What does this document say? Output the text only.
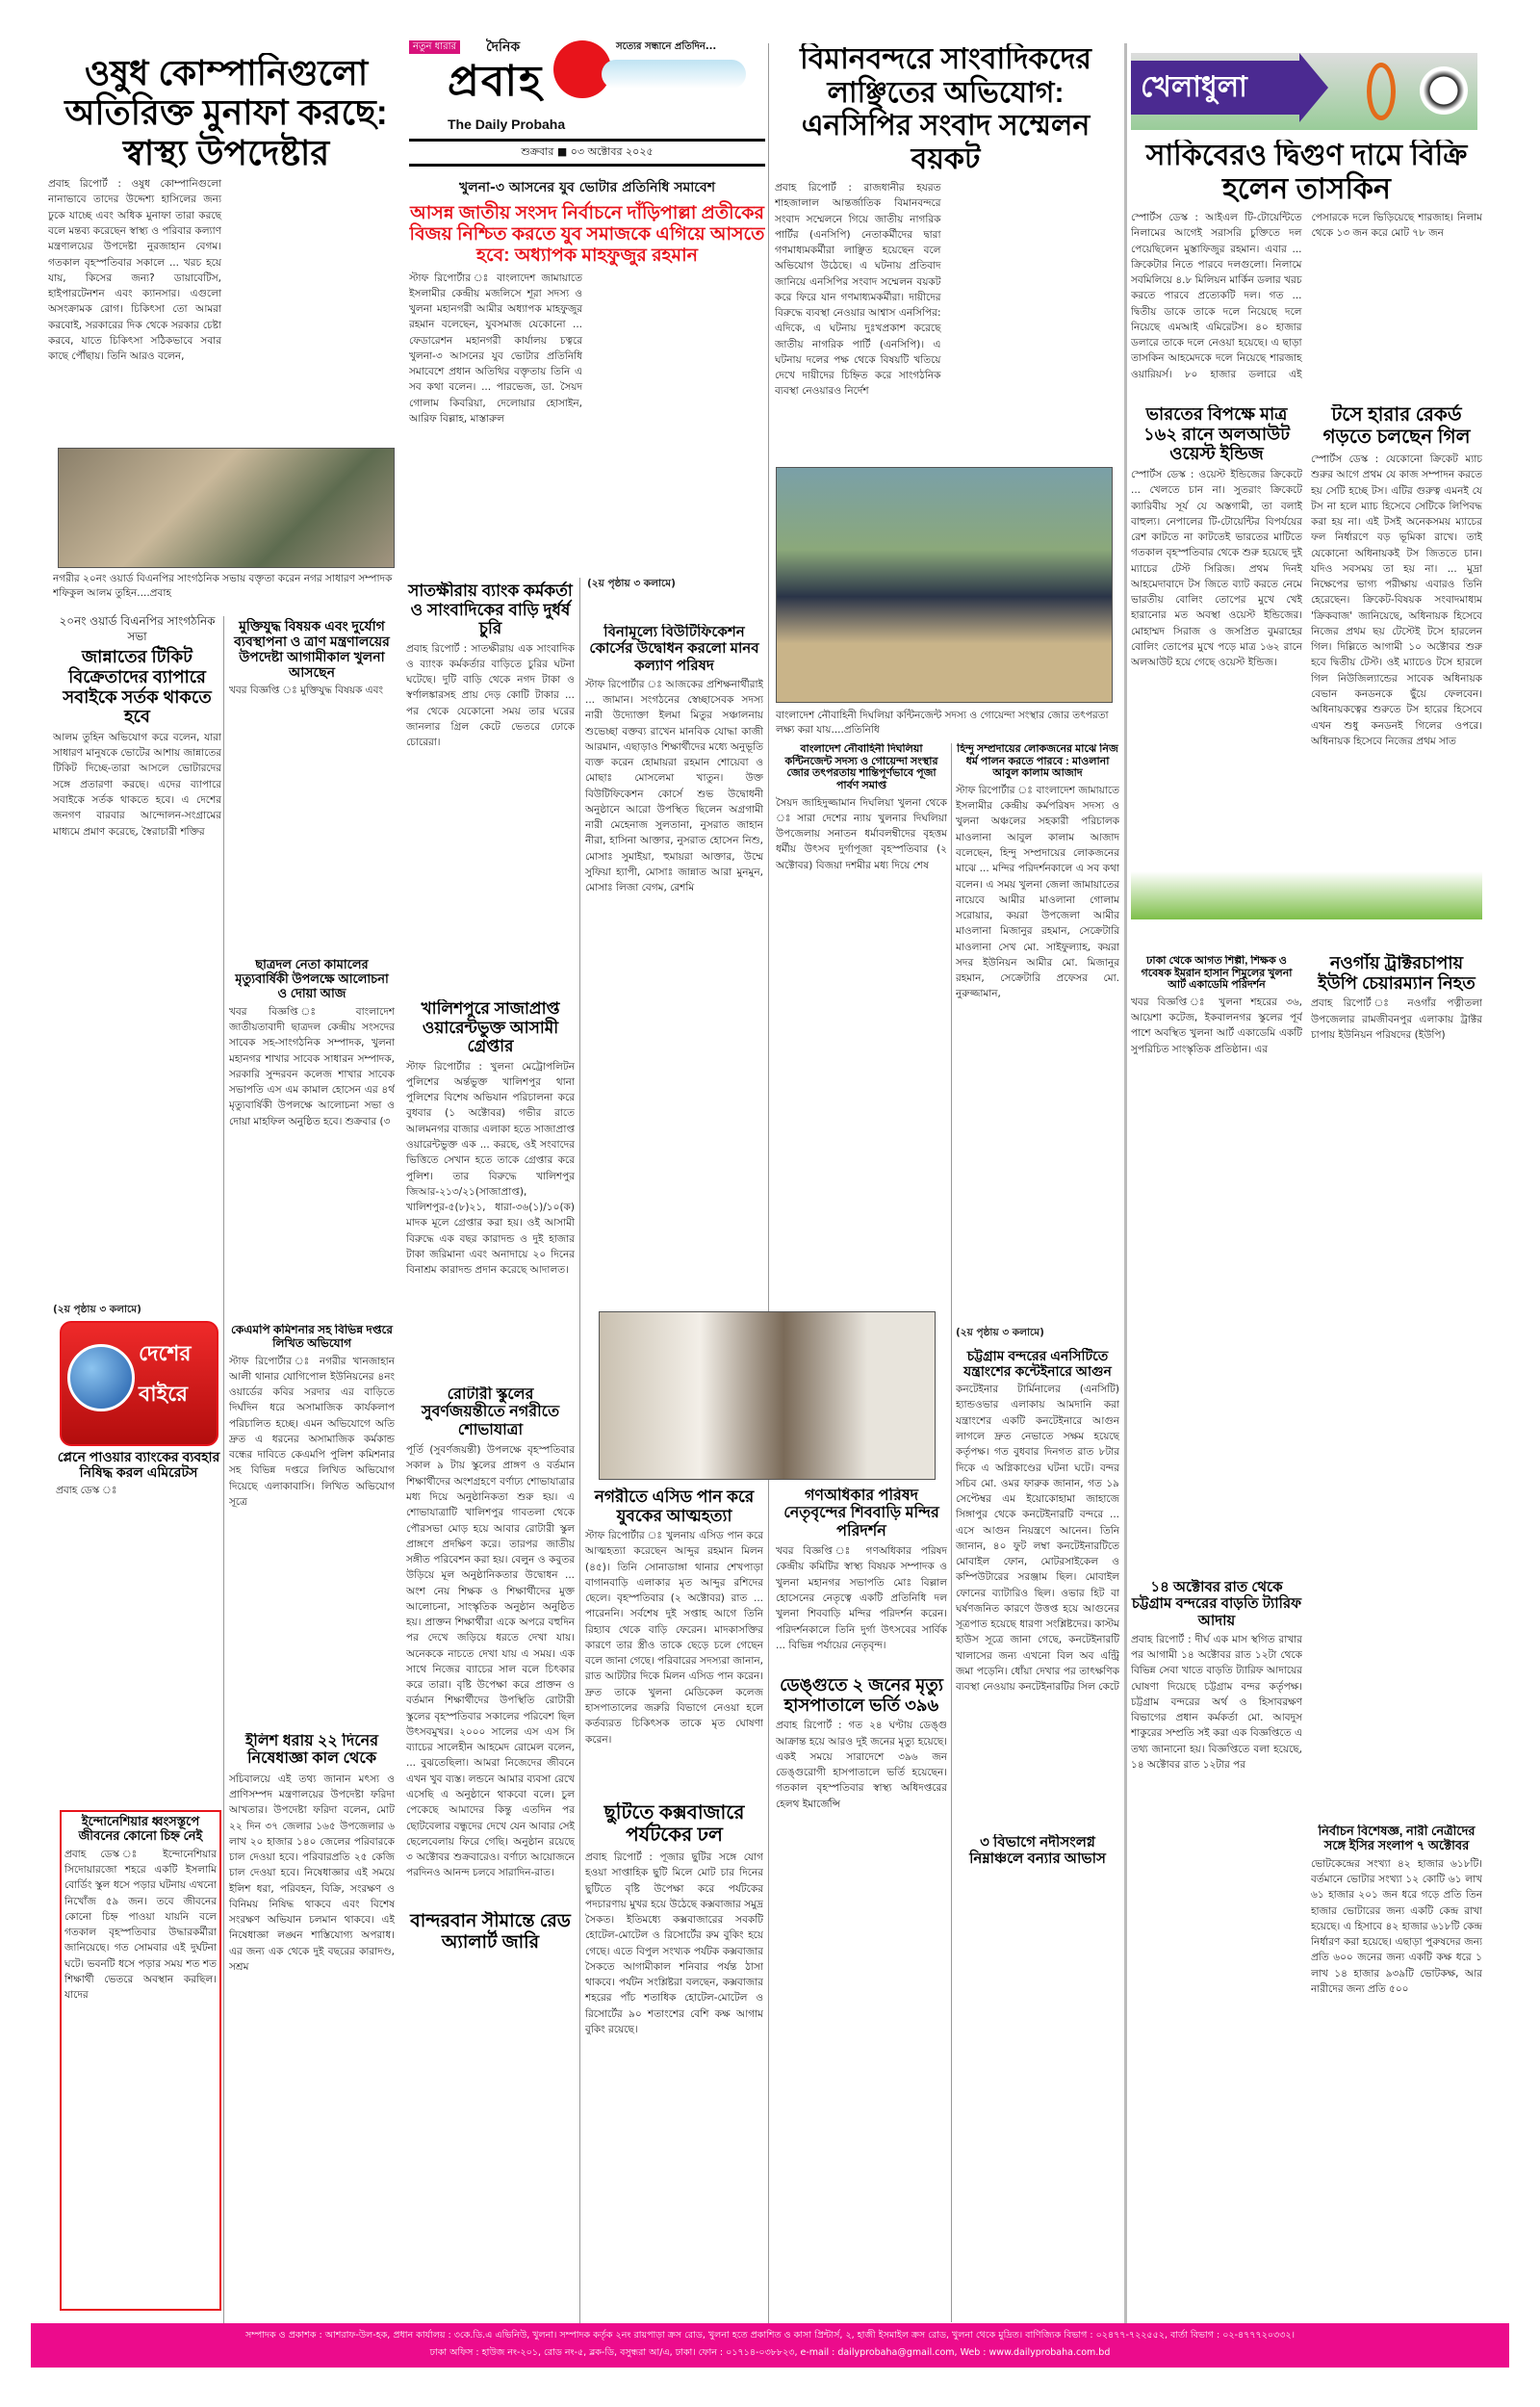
নতুন ধারার দৈনিক	সত্যের সন্ধানে প্রতিদিন...
প্রবাহ
The Daily Probaha
শুক্রবার ■ ০৩ অক্টোবর ২০২৫
ওষুধ কোম্পানিগুলো অতিরিক্ত মুনাফা করছে: স্বাস্থ্য উপদেষ্টার
প্রবাহ রিপোর্ট : ওষুধ কোম্পানিগুলো নানাভাবে তাদের উদ্দেশ্য হাসিলের জন্য ঢুকে যাচ্ছে এবং অধিক মুনাফা তারা করছে বলে মন্তব্য করেছেন স্বাস্থ্য ও পরিবার কল্যাণ মন্ত্রণালয়ের উপদেষ্টা নুরজাহান বেগম। গতকাল বৃহস্পতিবার সকালে ... খরচ হয়ে যায়, কিসের জন্য? ডায়াবেটিস, হাইপারটেনশন এবং ক্যানসার। এগুলো অসংক্রামক রোগ। চিকিৎসা তো আমরা করবোই, সরকারের দিক থেকে সরকার চেষ্টা করবে, যাতে চিকিৎসা সঠিকভাবে সবার কাছে পৌঁছায়। তিনি আরও বলেন,
নগরীর ২০নং ওয়ার্ড বিএনপির সাংগঠনিক সভায় বক্তৃতা করেন নগর সাধারণ সম্পাদক শফিকুল আলম তুহিন....প্রবাহ
২০নং ওয়ার্ড বিএনপির সাংগঠনিক সভা
জান্নাতের টিকিট বিক্রেতাদের ব্যাপারে সবাইকে সর্তক থাকতে হবে
আলম তুহিন অভিযোগ করে বলেন, যারা সাধারণ মানুষকে ভোটের আশায় জান্নাতের টিকিট দিচ্ছে-তারা আসলে ভোটারদের সঙ্গে প্রতারণা করছে। এদের ব্যাপারে সবাইকে সর্তক থাকতে হবে। এ দেশের জনগণ বারবার আন্দোলন-সংগ্রামের মাধ্যমে প্রমাণ করেছে, স্বৈরাচারী শক্তির
(২য় পৃষ্ঠায় ৩ কলামে)
মুক্তিযুদ্ধ বিষয়ক এবং দুর্যোগ ব্যবস্থাপনা ও ত্রাণ মন্ত্রণালয়ের উপদেষ্টা আগামীকাল খুলনা আসছেন
খবর বিজ্ঞপ্তি ঃ মুক্তিযুদ্ধ বিষয়ক এবং
ছাত্রদল নেতা কামালের মৃত্যুবার্ষিকী উপলক্ষে আলোচনা ও দোয়া আজ
খবর বিজ্ঞপ্তি ঃ বাংলাদেশ জাতীয়তাবাদী ছাত্রদল কেন্দ্রীয় সংসদের সাবেক সহ-সাংগঠনিক সম্পাদক, খুলনা মহানগর শাখার সাবেক সাধারন সম্পাদক, সরকারি সুন্দরবন কলেজ শাখার সাবেক সভাপতি এস এম কামাল হোসেন এর ৪র্থ মৃত্যুবার্ষিকী উপলক্ষে আলোচনা সভা ও দোয়া মাহফিল অনুষ্ঠিত হবে। শুক্রবার (৩
দেশের
বাইরে
প্লেনে পাওয়ার ব্যাংকের ব্যবহার নিষিদ্ধ করল এমিরেটস
প্রবাহ ডেস্ক ঃ
ইন্দোনেশিয়ার ধ্বংসস্তূপে জীবনের কোনো চিহ্ন নেই
প্রবাহ ডেস্ক ঃ ইন্দোনেশিয়ার সিদোয়ারজো শহরে একটি ইসলামি বোর্ডিং স্কুল ধসে পড়ার ঘটনায় এখনো নিখোঁজ ৫৯ জন। তবে জীবনের কোনো চিহ্ন পাওয়া যায়নি বলে গতকাল বৃহস্পতিবার উদ্ধারকর্মীরা জানিয়েছে। গত সোমবার এই দুর্ঘটনা ঘটে। ভবনটি ধসে পড়ার সময় শত শত শিক্ষার্থী ভেতরে অবস্থান করছিল। যাদের
কেএমপি কমিশনার সহ বিভিন্ন দপ্তরে লিখিত অভিযোগ
স্টাফ রিপোর্টার ঃ নগরীর খানজাহান আলী থানার যোগিপোল ইউনিয়নের ৪নং ওয়ার্ডের কবির সরদার এর বাড়িতে দির্ঘদিন ধরে অসামাজিক কার্যকলাপ পরিচালিত হচ্ছে। এমন অভিযোগে অতি দ্রুত এ ধরনের অসামাজিক কর্মকান্ড বন্ধের দাবিতে কেএমপি পুলিশ কমিশনার সহ বিভিন্ন দপ্তরে লিখিত অভিযোগ দিয়েছে এলাকাবাসি। লিখিত অভিযোগ সূত্রে
ইলিশ ধরায় ২২ দিনের নিষেধাজ্ঞা কাল থেকে
সচিবালয়ে এই তথ্য জানান মৎস্য ও প্রাণিসম্পদ মন্ত্রণালয়ের উপদেষ্টা ফরিদা আখতার। উপদেষ্টা ফরিদা বলেন, মোট ২২ দিন ৩৭ জেলার ১৬৫ উপজেলার ৬ লাখ ২০ হাজার ১৪০ জেলের পরিবারকে চাল দেওয়া হবে। পরিবারপ্রতি ২৫ কেজি চাল দেওয়া হবে। নিষেধাজ্ঞার এই সময়ে ইলিশ ধরা, পরিবহন, বিক্রি, সংরক্ষণ ও বিনিময় নিষিদ্ধ থাকবে এবং বিশেষ সংরক্ষণ অভিযান চলমান থাকবে। এই নিষেধাজ্ঞা লঙ্ঘন শাস্তিযোগ্য অপরাধ। এর জন্য এক থেকে দুই বছরের কারাদণ্ড, সশ্রম
খুলনা-৩ আসনের যুব ভোটার প্রতিনিধি সমাবেশ
আসন্ন জাতীয় সংসদ নির্বাচনে দাঁড়িপাল্লা প্রতীকের বিজয় নিশ্চিত করতে যুব সমাজকে এগিয়ে আসতে হবে: অধ্যাপক মাহফুজুর রহমান
স্টাফ রিপোর্টার ঃ বাংলাদেশ জামায়াতে ইসলামীর কেন্দ্রীয় মজলিসে শূরা সদস্য ও খুলনা মহানগরী আমীর অধ্যাপক মাহফুজুর রহমান বলেছেন, যুবসমাজ যেকোনো ... ফেডারেশন মহানগরী কার্যালয় চত্বরে খুলনা-৩ আসনের যুব ভোটার প্রতিনিধি সমাবেশে প্রধান অতিথির বক্তৃতায় তিনি এ সব কথা বলেন। ... পারভেজ, ডা. সৈয়দ গোলাম কিবরিয়া, দেলোয়ার হোসাইন, আরিফ বিল্লাহ, মাস্তারুল
(২য় পৃষ্ঠায় ৩ কলামে)
সাতক্ষীরায় ব্যাংক কর্মকর্তা ও সাংবাদিকের বাড়ি দুর্ধর্ষ চুরি
প্রবাহ রিপোর্ট : সাতক্ষীরায় এক সাংবাদিক ও ব্যাংক কর্মকর্তার বাড়িতে চুরির ঘটনা ঘটেছে। দুটি বাড়ি থেকে নগদ টাকা ও স্বর্ণালঙ্কারসহ প্রায় দেড় কোটি টাকার ... পর থেকে যেকোনো সময় তার ঘরের জানলার গ্রিল কেটে ভেতরে ঢোকে চোরেরা।
খালিশপুরে সাজাপ্রাপ্ত ওয়ারেন্টভুক্ত আসামী গ্রেপ্তার
স্টাফ রিপোর্টার : খুলনা মেট্রোপলিটন পুলিশের অর্ন্তভুক্ত খালিশপুর থানা পুলিশের বিশেষ অভিযান পরিচালনা করে বুধবার (১ অক্টোবর) গভীর রাতে আলমনগর বাজার এলাকা হতে সাজাপ্রাপ্ত ওয়ারেন্টভুক্ত এক ... করছে, ওই সংবাদের ভিত্তিতে সেখান হতে তাকে গ্রেপ্তার করে পুলিশ। তার বিরুদ্ধে খালিশপুর জিআর-২১৩/২১(সাজাপ্রাপ্ত), খালিশপুর-৫(৮)২১, ধারা-৩৬(১)/১০(ক) মাদক মূলে গ্রেপ্তার করা হয়। ওই আসামী বিরুদ্ধে এক বছর কারাদন্ড ও দুই হাজার টাকা জরিমানা এবং অনাদায়ে ২০ দিনের বিনাশ্রম কারাদন্ড প্রদান করেছে আদালত।
বিনামূল্যে বিউটিফিকেশন কোর্সের উদ্বোধন করলো মানব কল্যাণ পরিষদ
স্টাফ রিপোর্টার ঃ আজকের প্রশিক্ষনার্থীরাই ... জামান। সংগঠনের স্বেচ্ছাসেবক সদস্য নারী উদ্যোক্তা ইলমা মিতুর সঞ্চালনায় শুভেচ্ছা বক্তব্য রাখেন মানবিক যোদ্ধা কাজী আরমান, এছাড়াও শিক্ষার্থীদের মধ্যে অনুভূতি ব্যক্ত করেন হোমায়রা রহমান শোয়েবা ও মোছাঃ মোসলেমা খাতুন। উক্ত বিউটিফিকেশন কোর্সে শুভ উদ্বোধনী অনুষ্ঠানে আরো উপস্থিত ছিলেন অগ্রগামী নারী মেহেনাজ সুলতানা, নুসরাত জাহান নীরা, হাসিনা আক্তার, নুসরাত হোসেন নিশু, মোসাঃ সুমাইয়া, হুমায়রা আক্তার, উম্মে সুফিয়া হ্যাপী, মোসাঃ জান্নাত আরা মুনমুন, মোসাঃ লিজা বেগম, রেশমি
রোটারী স্কুলের সুবর্ণজয়ন্তীতে নগরীতে শোভাযাত্রা
পূর্তি (সুবর্ণজয়ন্তী) উপলক্ষে বৃহস্পতিবার সকাল ৯ টায় স্কুলের প্রাঙ্গণ ও বর্তমান শিক্ষার্থীদের অংশগ্রহণে বর্ণাঢ্য শোভাযাত্রার মধ্য দিয়ে অনুষ্ঠানিকতা শুরু হয়। এ শোভাযাত্রাটি খালিশপুর গাবতলা থেকে পৌরসভা মোড় হয়ে আবার রোটারী স্কুল প্রাঙ্গণে প্রদক্ষিণ করে। তারপর জাতীয় সঙ্গীত পরিবেশন করা হয়। বেলুন ও কবুতর উড়িয়ে মূল অনুষ্ঠানিকতার উদ্বোধন ... অংশ নেয় শিক্ষক ও শিক্ষার্থীদের মুক্ত আলোচনা, সাংস্কৃতিক অনুষ্ঠান অনুষ্ঠিত হয়। প্রাক্তন শিক্ষার্থীরা একে অপরে বহুদিন পর দেখে জড়িয়ে ধরতে দেখা যায়। অনেককে নাচতে দেখা যায় এ সময়। এক সাথে নিজের ব্যাচের সাল বলে চিৎকার করে তারা। বৃষ্টি উপেক্ষা করে প্রাক্তন ও বর্তমান শিক্ষার্থীদের উপস্থিতি রোটারী স্কুলের বৃহস্পতিবার সকালের পরিবেশ ছিল উৎসবমুখর। ২০০০ সালের এস এস সি ব্যাচের সালেহীন আহমেদ রোমেল বলেন, ... বুঝতেছিলা। আমরা নিজেদের জীবনে এখন খুব ব্যস্ত। লন্ডনে আমার ব্যবসা রেখে এসেছি এ অনুষ্ঠানে থাকবো বলে। চুল পেকেছে আমাদের কিন্তু এতদিন পর ছোটবেলার বন্ধুদের দেখে যেন আবার সেই ছেলেবেলায় ফিরে গেছি। অনুষ্ঠান রয়েছে ৩ অক্টোবর শুক্রবারেও। বর্ণাঢ্য আয়োজনে পরদিনও আনন্দ চলবে সারাদিন-রাত।
বান্দরবান সীমান্তে রেড অ্যালার্ট জারি
নগরীতে এসিড পান করে যুবকের আত্মহত্যা
স্টাফ রিপোর্টার ঃ খুলনায় এসিড পান করে আত্মহত্যা করেছেন আব্দুর রহমান মিলন (৪৫)। তিনি সোনাডাঙ্গা থানার শেখপাড়া বাগানবাড়ি এলাকার মৃত আব্দুর রশিদের ছেলে। বৃহস্পতিবার (২ অক্টোবর) রাত ... পারেননি। সর্বশেষ দুই সপ্তাহ আগে তিনি রিহ্যাব থেকে বাড়ি ফেরেন। মাদকাসক্তির কারণে তার স্ত্রীও তাকে ছেড়ে চলে গেছেন বলে জানা গেছে। পরিবারের সদস্যরা জানান, রাত আটটার দিকে মিলন এসিড পান করেন। দ্রুত তাকে খুলনা মেডিকেল কলেজ হাসপাতালের জরুরি বিভাগে নেওয়া হলে কর্তব্যরত চিকিৎসক তাকে মৃত ঘোষণা করেন।
ছুটিতে কক্সবাজারে পর্যটকের ঢল
প্রবাহ রিপোর্ট : পূজার ছুটির সঙ্গে যোগ হওয়া সাপ্তাহিক ছুটি মিলে মোট চার দিনের ছুটিতে বৃষ্টি উপেক্ষা করে পর্যটকের পদচারণায় মুখর হয়ে উঠেছে কক্সবাজার সমুদ্র সৈকত। ইতিমধ্যে কক্সবাজারের সবকটি হোটেল-মোটেল ও রিসোর্টের রুম বুকিং হয়ে গেছে। এতে বিপুল সংখ্যক পর্যটক কক্সবাজার সৈকতে আগামীকাল শনিবার পর্যন্ত ঠাসা থাকবে। পর্যটন সংশ্লিষ্টরা বলছেন, কক্সবাজার শহরের পাঁচ শতাধিক হোটেল-মোটেল ও রিসোর্টের ৯০ শতাংশের বেশি কক্ষ আগাম বুকিং রয়েছে।
বিমানবন্দরে সাংবাদিকদের লাঞ্ছিতের অভিযোগ: এনসিপির সংবাদ সম্মেলন বয়কট
প্রবাহ রিপোর্ট : রাজধানীর হযরত শাহজালাল আন্তর্জাতিক বিমানবন্দরে সংবাদ সম্মেলনে গিয়ে জাতীয় নাগরিক পার্টির (এনসিপি) নেতাকর্মীদের দ্বারা গণমাধ্যমকর্মীরা লাঞ্ছিত হয়েছেন বলে অভিযোগ উঠেছে। এ ঘটনায় প্রতিবাদ জানিয়ে এনসিপির সংবাদ সম্মেলন বয়কট করে ফিরে যান গণমাধ্যমকর্মীরা। দায়ীদের বিরুদ্ধে ব্যবস্থা নেওয়ার আশ্বাস এনসিপির: এদিকে, এ ঘটনায় দুঃখপ্রকাশ করেছে জাতীয় নাগরিক পার্টি (এনসিপি)। এ ঘটনায় দলের পক্ষ থেকে বিষয়টি খতিয়ে দেখে দায়ীদের চিহ্নিত করে সাংগঠনিক ব্যবস্থা নেওয়ারও নির্দেশ
বাংলাদেশ নৌবাহিনী দিঘলিয়া কন্টিনজেন্ট সদস্য ও গোয়েন্দা সংস্থার জোর তৎপরতা লক্ষ্য করা যায়....প্রতিনিধি
বাংলাদেশ নৌবাহিনী দিঘলিয়া কন্টিনজেন্ট সদস্য ও গোয়েন্দা সংস্থার জোর তৎপরতায় শান্তিপূর্ণভাবে পূজা পার্বণ সমাপ্ত
সৈয়দ জাহিদুজ্জামান দিঘলিয়া খুলনা থেকে ঃ সারা দেশের ন্যায় খুলনার দিঘলিয়া উপজেলায় সনাতন ধর্মাবলম্বীদের বৃহত্তম ধর্মীয় উৎসব দুর্গাপূজা বৃহস্পতিবার (২ অক্টোবর) বিজয়া দশমীর মধ্য দিয়ে শেষ
হিন্দু সম্প্রদায়ের লোকজনের মাঝে নিজ ধর্ম পালন করতে পারবে : মাওলানা আবুল কালাম আজাদ
স্টাফ রিপোর্টার ঃ বাংলাদেশ জামায়াতে ইসলামীর কেন্দ্রীয় কর্মপরিষদ সদস্য ও খুলনা অঞ্চলের সহকারী পরিচালক মাওলানা আবুল কালাম আজাদ বলেছেন, হিন্দু সম্প্রদায়ের লোকজনের মাঝে ... মন্দির পরিদর্শনকালে এ সব কথা বলেন। এ সময় খুলনা জেলা জামায়াতের নায়েবে আমীর মাওলানা গোলাম সরোয়ার, কয়রা উপজেলা আমীর মাওলানা মিজানুর রহমান, সেক্রেটারি মাওলানা সেখ মো. সাইফুল্যাহ, কয়রা সদর ইউনিয়ন আমীর মো. মিজানুর রহমান, সেক্রেটারি প্রফেসর মো. নুরুজ্জামান,
(২য় পৃষ্ঠায় ৩ কলামে)
গণঅধিকার পরিষদ নেতৃবৃন্দের শিববাড়ি মন্দির পরিদর্শন
খবর বিজ্ঞপ্তি ঃ গণঅধিকার পরিষদ কেন্দ্রীয় কমিটির স্বাস্থ্য বিষয়ক সম্পাদক ও খুলনা মহানগর সভাপতি মোঃ বিল্লাল হোসেনের নেতৃত্বে একটি প্রতিনিধি দল খুলনা শিববাড়ি মন্দির পরিদর্শন করেন। পরিদর্শনকালে তিনি দুর্গা উৎসবের সার্বিক ... বিভিন্ন পর্যায়ের নেতৃবৃন্দ।
ডেঙ্গুতে ২ জনের মৃত্যু হাসপাতালে ভর্তি ৩৯৬
প্রবাহ রিপোর্ট : গত ২৪ ঘণ্টায় ডেঙ্গু আক্রান্ত হয়ে আরও দুই জনের মৃত্যু হয়েছে। একই সময়ে সারাদেশে ৩৯৬ জন ডেঙ্গুরোগী হাসপাতালে ভর্তি হয়েছেন। গতকাল বৃহস্পতিবার স্বাস্থ্য অধিদপ্তরের হেলথ ইমার্জেন্সি
চট্টগ্রাম বন্দরের এনসিটিতে যন্ত্রাংশের কন্টেইনারে আগুন
কনটেইনার টার্মিনালের (এনসিটি) হ্যান্ডওভার এলাকায় আমদানি করা যন্ত্রাংশের একটি কনটেইনারে আগুন লাগলে দ্রুত নেভাতে সক্ষম হয়েছে কর্তৃপক্ষ। গত বুধবার দিনগত রাত ৮টার দিকে এ অগ্নিকাণ্ডের ঘটনা ঘটে। বন্দর সচিব মো. ওমর ফারুক জানান, গত ১৯ সেপ্টেম্বর এম ইয়োকোহামা জাহাজে সিঙ্গাপুর থেকে কনটেইনারটি বন্দরে ... এসে আগুন নিয়ন্ত্রণে আনেন। তিনি জানান, ৪০ ফুট লম্বা কনটেইনারটিতে মোবাইল ফোন, মোটরসাইকেল ও কম্পিউটারের সরঞ্জাম ছিল। মোবাইল ফোনের ব্যাটারিও ছিল। ওভার হিট বা ঘর্ষণজনিত কারণে উত্তপ্ত হয়ে আগুনের সূত্রপাত হয়েছে ধারণা সংশ্লিষ্টদের। কাস্টম হাউস সূত্রে জানা গেছে, কনটেইনারটি খালাসের জন্য এখনো বিল অব এন্ট্রি জমা পড়েনি। ধোঁয়া দেখার পর তাৎক্ষণিক ব্যবস্থা নেওয়ায় কনটেইনারটির সিল কেটে
৩ বিভাগে নদীসংলগ্ন নিম্নাঞ্চলে বন্যার আভাস
খেলাধুলা
সাকিবেরও দ্বিগুণ দামে বিক্রি হলেন তাসকিন
স্পোর্টস ডেস্ক : আইএল টি-টোয়েন্টিতে নিলামের আগেই সরাসরি চুক্তিতে দল পেয়েছিলেন মুস্তাফিজুর রহমান। এবার ... ক্রিকেটার নিতে পারবে দলগুলো। নিলামে সবমিলিয়ে ৪.৮ মিলিয়ন মার্কিন ডলার খরচ করতে পারবে প্রত্যেকটি দল। গত ... দ্বিতীয় ডাকে তাকে দলে নিয়েছে দলে নিয়েছে এমআই এমিরেটস। ৪০ হাজার ডলারে তাকে দলে নেওয়া হয়েছে। এ ছাড়া তাসকিন আহমেদকে দলে নিয়েছে শারজাহ ওয়ারিয়র্স। ৮০ হাজার ডলারে এই পেসারকে দলে ভিড়িয়েছে শারজাহ। নিলাম থেকে ১৩ জন করে মোট ৭৮ জন
ভারতের বিপক্ষে মাত্র ১৬২ রানে অলআউট ওয়েস্ট ইন্ডিজ
স্পোর্টস ডেস্ক : ওয়েস্ট ইন্ডিজের ক্রিকেটে ... খেলতে চান না। সুতরাং ক্রিকেটে ক্যারিবীয় সূর্য যে অস্তগামী, তা বলাই বাহুল্য। নেপালের টি-টোয়েন্টির বিপর্যয়ের রেশ কাটতে না কাটতেই ভারতের মাটিতে গতকাল বৃহস্পতিবার থেকে শুরু হয়েছে দুই ম্যাচের টেস্ট সিরিজ। প্রথম দিনই আহমেদাবাদে টস জিতে ব্যাট করতে নেমে ভারতীয় বোলিং তোপের মুখে খেই হারানোর মত অবস্থা ওয়েস্ট ইন্ডিজের। মোহাম্মদ সিরাজ ও জসপ্রিত বুমরাহের বোলিং তোপের মুখে পড়ে মাত্র ১৬২ রানে অলআউট হয়ে গেছে ওয়েস্ট ইন্ডিজ।
টসে হারার রেকর্ড গড়তে চলছেন গিল
স্পোর্টস ডেস্ক : যেকোনো ক্রিকেট ম্যাচ শুরুর আগে প্রথম যে কাজ সম্পাদন করতে হয় সেটি হচ্ছে টস। এটির গুরুত্ব এমনই যে টস না হলে ম্যাচ হিসেবে সেটিকে লিপিবদ্ধ করা হয় না। এই টসই অনেকসময় ম্যাচের ফল নির্ধারণে বড় ভূমিকা রাখে। তাই যেকোনো অধিনায়কই টস জিততে চান। যদিও সবসময় তা হয় না। ... মুদ্রা নিক্ষেপের ভাগ্য পরীক্ষায় এবারও তিনি হেরেছেন। ক্রিকেট-বিষয়ক সংবাদমাধ্যম 'ক্রিকবাজ' জানিয়েছে, অধিনায়ক হিসেবে নিজের প্রথম ছয় টেস্টেই টসে হারলেন গিল। দিল্লিতে আগামী ১০ অক্টোবর শুরু হবে দ্বিতীয় টেস্ট। ওই ম্যাচেও টসে হারলে গিল নিউজিল্যান্ডের সাবেক অধিনায়ক বেভান কনডনকে ছুঁয়ে ফেলবেন। অধিনায়কত্বের শুরুতে টস হারের হিসেবে এখন শুধু কনডনই গিলের ওপরে। অধিনায়ক হিসেবে নিজের প্রথম সাত
ঢাকা থেকে আগত শিল্পী, শিক্ষক ও গবেষক ইমরান হাসান শিমুলের খুলনা আর্ট একাডেমি পরিদর্শন
খবর বিজ্ঞপ্তি ঃ খুলনা শহরের ৩৬, আয়েশা কটেজ, ইকবালনগর স্কুলের পূর্ব পাশে অবস্থিত খুলনা আর্ট একাডেমি একটি সুপরিচিত সাংস্কৃতিক প্রতিষ্ঠান। এর
নওগাঁয় ট্রাক্টরচাপায় ইউপি চেয়ারম্যান নিহত
প্রবাহ রিপোর্ট ঃ নওগাঁর পত্নীতলা উপজেলার রামজীবনপুর এলাকায় ট্রাক্টর চাপায় ইউনিয়ন পরিষদের (ইউপি)
১৪ অক্টোবর রাত থেকে চট্টগ্রাম বন্দরের বাড়তি ট্যারিফ আদায়
প্রবাহ রিপোর্ট : দীর্ঘ এক মাস স্থগিত রাখার পর আগামী ১৪ অক্টোবর রাত ১২টা থেকে বিভিন্ন সেবা খাতে বাড়তি ট্যারিফ আদায়ের ঘোষণা দিয়েছে চট্টগ্রাম বন্দর কর্তৃপক্ষ। চট্টগ্রাম বন্দরের অর্থ ও হিসাবরক্ষণ বিভাগের প্রধান কর্মকর্তা মো. আবদুস শাকুরের সম্প্রতি সই করা এক বিজ্ঞপ্তিতে এ তথ্য জানানো হয়। বিজ্ঞপ্তিতে বলা হয়েছে, ১৪ অক্টোবর রাত ১২টার পর
নির্বাচন বিশেষজ্ঞ, নারী নেত্রীদের সঙ্গে ইসির সংলাপ ৭ অক্টোবর
ভোটকেন্দ্রের সংখ্যা ৪২ হাজার ৬১৮টি। বর্তমানে ভোটার সংখ্যা ১২ কোটি ৬১ লাখ ৬১ হাজার ২০১ জন ধরে গড়ে প্রতি তিন হাজার ভোটারের জন্য একটি কেন্দ্র রাখা হয়েছে। এ হিসাবে ৪২ হাজার ৬১৮টি কেন্দ্র নির্ধারণ করা হয়েছে। এছাড়া পুরুষদের জন্য প্রতি ৬০০ জনের জন্য একটি কক্ষ ধরে ১ লাখ ১৪ হাজার ৯৩৯টি ভোটকক্ষ, আর নারীদের জন্য প্রতি ৫০০
সম্পাদক ও প্রকাশক : আশরাফ-উল-হক, প্রধান কার্যালয় : ৩কে.ডি.এ এভিনিউ, খুলনা। সম্পাদক কর্তৃক ২নং রায়পাড়া ক্রস রোড, খুলনা হতে প্রকাশিত ও কাসা প্রিন্টার্স, ২, হাজী ইসমাইল ক্রস রোড, খুলনা থেকে মুদ্রিত। বাণিজ্যিক বিভাগ : ০২৪৭৭-৭২২৫৫২, বার্তা বিভাগ : ০২-৪৭৭৭২০৩৩২।
ঢাকা অফিস : হাউজ নং-২০১, রোড নং-৫, ব্লক-ডি, বসুন্ধরা আ/এ, ঢাকা। ফোন : ০১৭১৪-০৩৮৮২৩, e-mail : dailyprobaha@gmail.com, Web : www.dailyprobaha.com.bd
